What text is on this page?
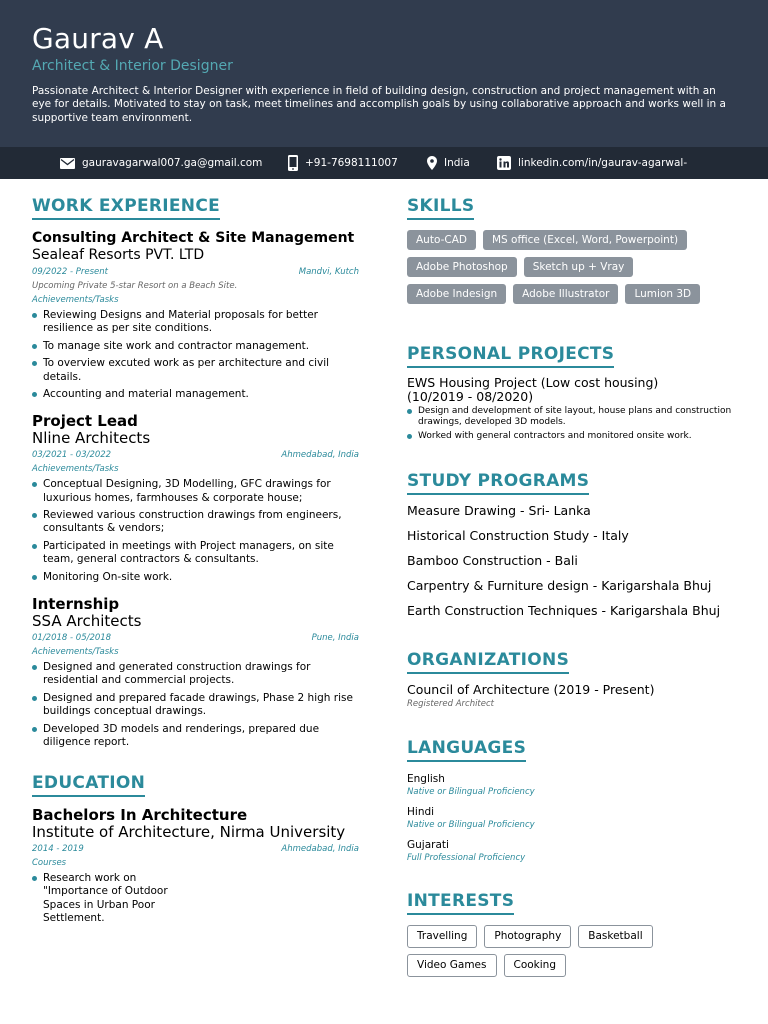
Gaurav A
Architect & Interior Designer
Passionate Architect & Interior Designer with experience in field of building design, construction and project management with an eye for details. Motivated to stay on task, meet timelines and accomplish goals by using collaborative approach and works well in a supportive team environment.
gauravagarwal007.ga@gmail.com	+91-7698111007	India	linkedin.com/in/gaurav-agarwal-
WORK EXPERIENCE
Consulting Architect & Site Management
Sealeaf Resorts PVT. LTD
09/2022 - Present	Mandvi, Kutch
Upcoming Private 5-star Resort on a Beach Site.
Achievements/Tasks
Reviewing Designs and Material proposals for better resilience as per site conditions.
To manage site work and contractor management.
To overview excuted work as per architecture and civil details.
Accounting and material management.
Project Lead
Nline Architects
03/2021 - 03/2022	Ahmedabad, India
Achievements/Tasks
Conceptual Designing, 3D Modelling, GFC drawings for luxurious homes, farmhouses & corporate house;
Reviewed various construction drawings from engineers, consultants & vendors;
Participated in meetings with Project managers, on site team, general contractors & consultants.
Monitoring On-site work.
Internship
SSA Architects
01/2018 - 05/2018	Pune, India
Achievements/Tasks
Designed and generated construction drawings for residential and commercial projects.
Designed and prepared facade drawings, Phase 2 high rise buildings conceptual drawings.
Developed 3D models and renderings, prepared due diligence report.
EDUCATION
Bachelors In Architecture
Institute of Architecture, Nirma University
2014 - 2019	Ahmedabad, India
Courses
Research work on "Importance of Outdoor Spaces in Urban Poor Settlement.
SKILLS
Auto-CAD	MS office (Excel, Word, Powerpoint)
Adobe Photoshop	Sketch up + Vray
Adobe Indesign	Adobe Illustrator	Lumion 3D
PERSONAL PROJECTS
EWS Housing Project (Low cost housing)
(10/2019 - 08/2020)
Design and development of site layout, house plans and construction drawings, developed 3D models.
Worked with general contractors and monitored onsite work.
STUDY PROGRAMS
Measure Drawing - Sri- Lanka
Historical Construction Study - Italy
Bamboo Construction - Bali
Carpentry & Furniture design - Karigarshala Bhuj
Earth Construction Techniques - Karigarshala Bhuj
ORGANIZATIONS
Council of Architecture (2019 - Present)
Registered Architect
LANGUAGES
English
Native or Bilingual Proficiency
Hindi
Native or Bilingual Proficiency
Gujarati
Full Professional Proficiency
INTERESTS
Travelling	Photography	Basketball
Video Games	Cooking
